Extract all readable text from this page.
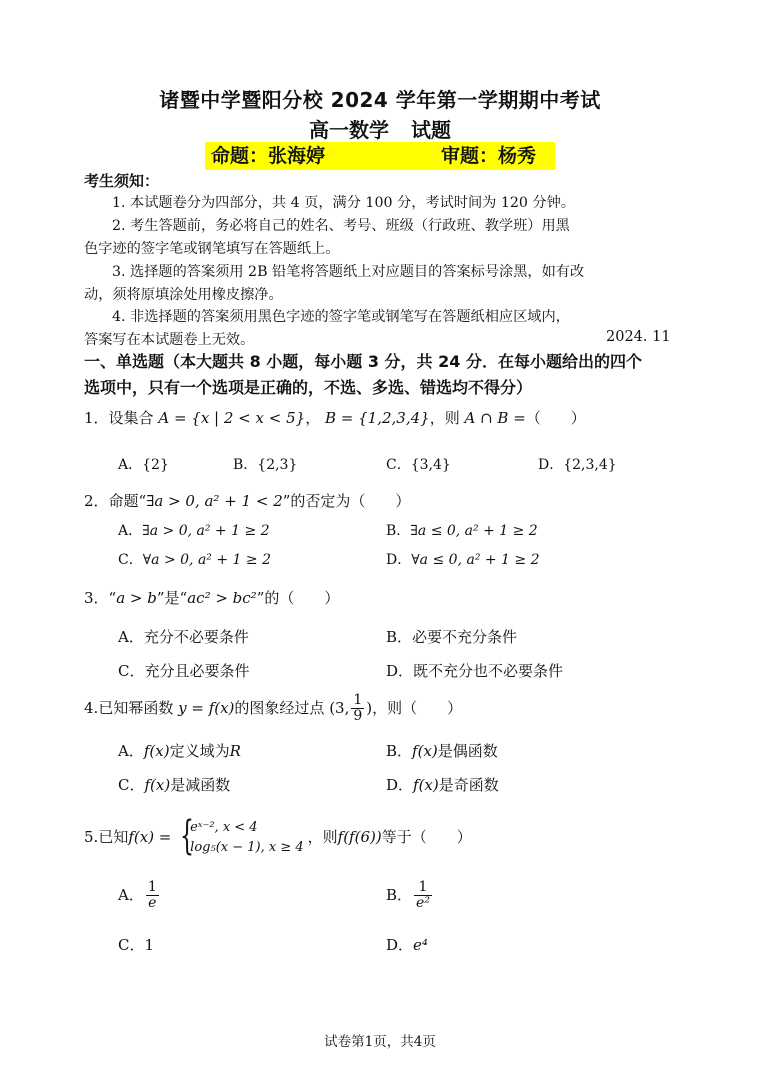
诸暨中学暨阳分校 2024 学年第一学期期中考试
高一数学 试题
命题：张海婷	审题：杨秀
考生须知：
1. 本试题卷分为四部分，共 4 页，满分 100 分，考试时间为 120 分钟。
2. 考生答题前，务必将自己的姓名、考号、班级（行政班、教学班）用黑
色字迹的签字笔或钢笔填写在答题纸上。
3. 选择题的答案须用 2B 铅笔将答题纸上对应题目的答案标号涂黑，如有改
动，须将原填涂处用橡皮擦净。
4. 非选择题的答案须用黑色字迹的签字笔或钢笔写在答题纸相应区域内，
答案写在本试题卷上无效。	2024. 11
一、单选题（本大题共 8 小题，每小题 3 分，共 24 分．在每小题给出的四个
选项中，只有一个选项是正确的，不选、多选、错选均不得分）
1．设集合 A = {x | 2 < x < 5}， B = {1,2,3,4}，则 A ∩ B =（　　）
A．{2}	B．{2,3}	C．{3,4}	D．{2,3,4}
2．命题“∃a > 0, a² + 1 < 2”的否定为（　　）
A．∃a > 0, a² + 1 ≥ 2	B．∃a ≤ 0, a² + 1 ≥ 2
C．∀a > 0, a² + 1 ≥ 2	D．∀a ≤ 0, a² + 1 ≥ 2
3．“a > b”是“ac² > bc²”的（　　）
A．充分不必要条件	B．必要不充分条件
C．充分且必要条件	D．既不充分也不必要条件
4.已知幂函数 y = f(x)的图象经过点 (3, $\frac{1}{9}$ )，则（　　）
A．f(x)定义域为R	B．f(x)是偶函数
C．f(x)是减函数	D．f(x)是奇函数
5.已知f(x) = {
eˣ⁻², x < 4
log₅(x − 1), x ≥ 4
，则f(f(6))等于（　　）
A． $\frac{1}{e}$	B． $\frac{1}{\text{e²}}$
C．1	D．e⁴
试卷第1页，共4页
